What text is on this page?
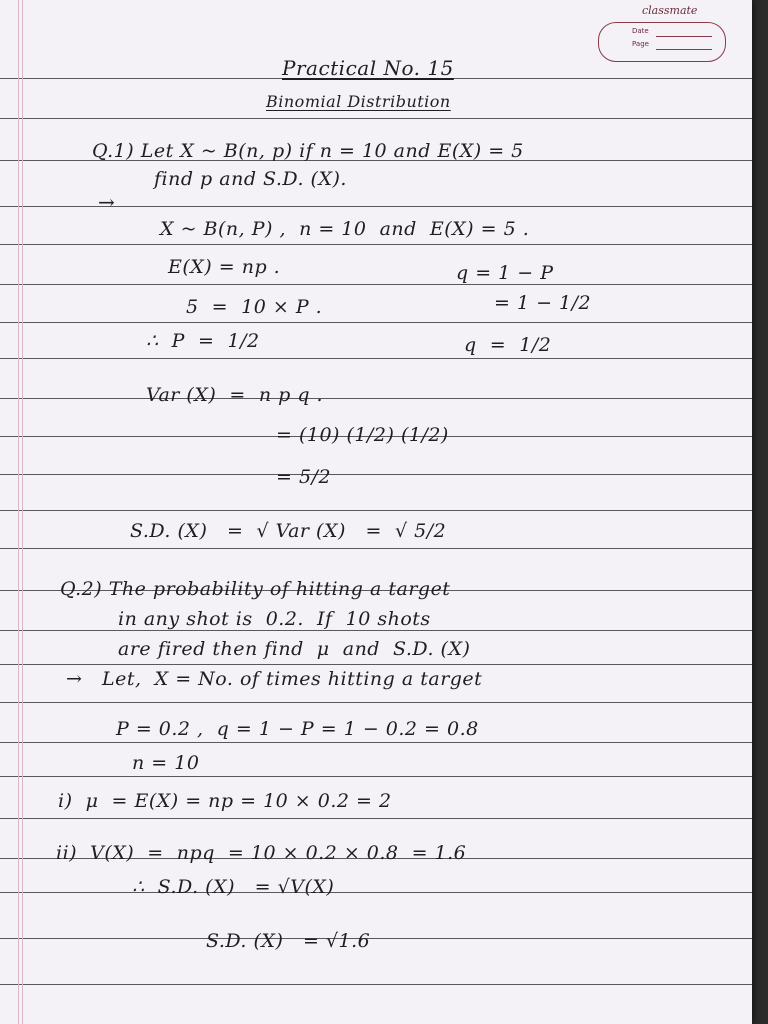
classmate
Date
Page
Practical No. 15
Binomial Distribution
Q.1) Let X ~ B(n, p) if n = 10 and E(X) = 5
find p and S.D. (X).
→
X ~ B(n, P) ,  n = 10  and  E(X) = 5 .
E(X) = np .	q = 1 − P
5  =  10 × P .	= 1 − 1/2
∴  P  =  1/2	q  =  1/2
Var (X)  =  n p q .
= (10) (1/2) (1/2)
= 5/2
S.D. (X)   =  √ Var (X)   =  √ 5/2
Q.2) The probability of hitting a target
in any shot is  0.2.  If  10 shots
are fired then find  μ  and  S.D. (X)
→   Let,  X = No. of times hitting a target
P = 0.2 ,  q = 1 − P = 1 − 0.2 = 0.8
n = 10
i)  μ  = E(X) = np = 10 × 0.2 = 2
ii)  V(X)  =  npq  = 10 × 0.2 × 0.8  = 1.6
∴  S.D. (X)   = √V(X)
S.D. (X)   = √1.6
